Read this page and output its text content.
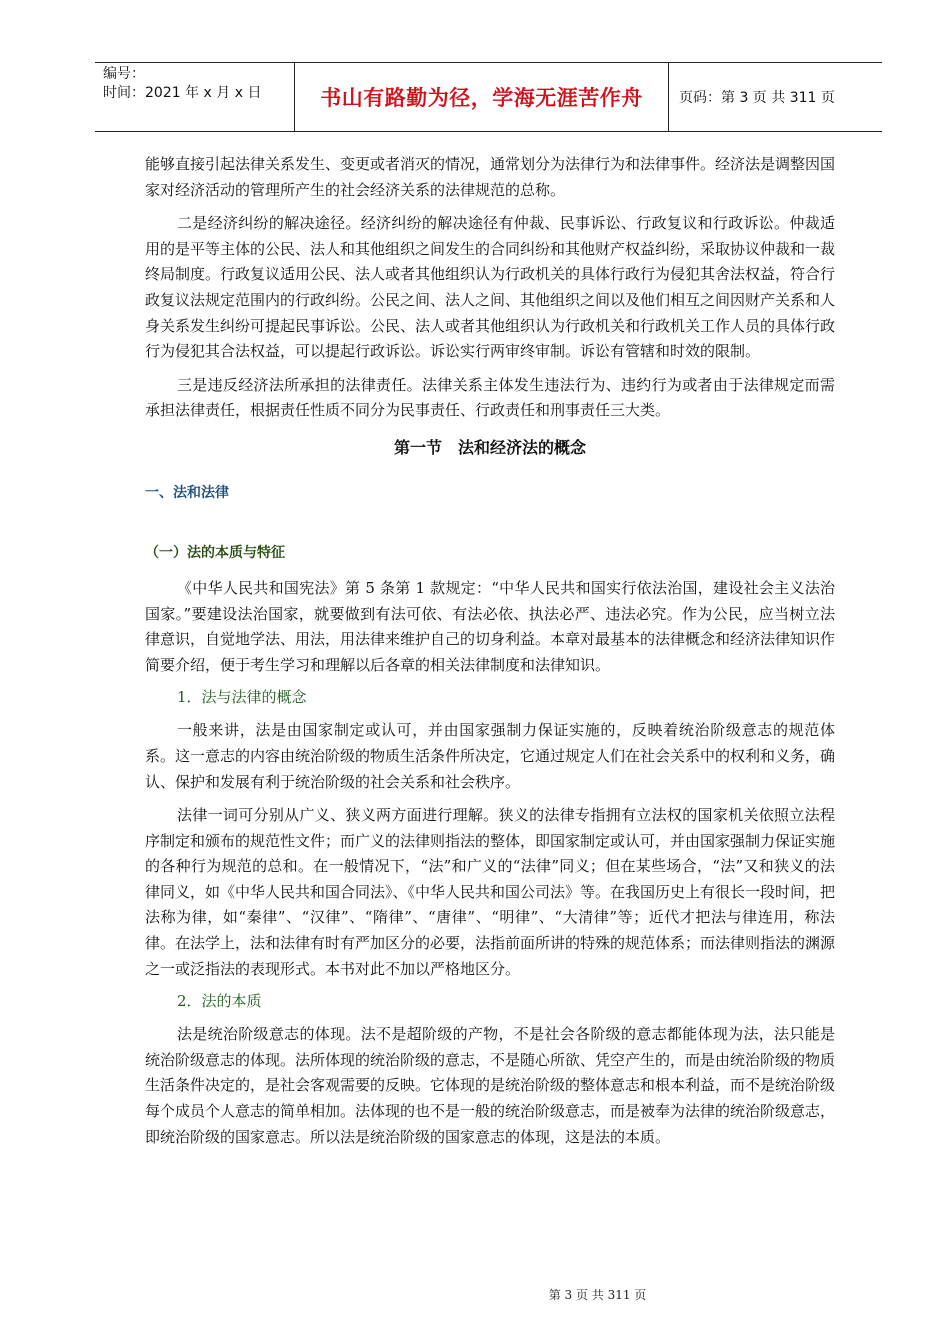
编号：
时间：2021 年 x 月 x 日	书山有路勤为径，学海无涯苦作舟	页码：第 3 页 共 311 页

能够直接引起法律关系发生、变更或者消灭的情况，通常划分为法律行为和法律事件。经济法是调整因国家对经济活动的管理所产生的社会经济关系的法律规范的总称。

二是经济纠纷的解决途径。经济纠纷的解决途径有仲裁、民事诉讼、行政复议和行政诉讼。仲裁适用的是平等主体的公民、法人和其他组织之间发生的合同纠纷和其他财产权益纠纷，采取协议仲裁和一裁终局制度。行政复议适用公民、法人或者其他组织认为行政机关的具体行政行为侵犯其舍法权益，符合行政复议法规定范围内的行政纠纷。公民之间、法人之间、其他组织之间以及他们相互之间因财产关系和人身关系发生纠纷可提起民事诉讼。公民、法人或者其他组织认为行政机关和行政机关工作人员的具体行政行为侵犯其合法权益，可以提起行政诉讼。诉讼实行两审终审制。诉讼有管辖和时效的限制。

三是违反经济法所承担的法律责任。法律关系主体发生违法行为、违约行为或者由于法律规定而需承担法律责任，根据责任性质不同分为民事责任、行政责任和刑事责任三大类。

第一节　法和经济法的概念
一、法和法律
（一）法的本质与特征

《中华人民共和国宪法》第 5 条第 1 款规定：“中华人民共和国实行依法治国，建设社会主义法治国家。”要建设法治国家，就要做到有法可依、有法必依、执法必严、违法必究。作为公民，应当树立法律意识，自觉地学法、用法，用法律来维护自己的切身利益。本章对最基本的法律概念和经济法律知识作简要介绍，便于考生学习和理解以后各章的相关法律制度和法律知识。

1．法与法律的概念

一般来讲，法是由国家制定或认可，并由国家强制力保证实施的，反映着统治阶级意志的规范体系。这一意志的内容由统治阶级的物质生活条件所决定，它通过规定人们在社会关系中的权利和义务，确认、保护和发展有利于统治阶级的社会关系和社会秩序。

法律一词可分别从广义、狭义两方面进行理解。狭义的法律专指拥有立法权的国家机关依照立法程序制定和颁布的规范性文件；而广义的法律则指法的整体，即国家制定或认可，并由国家强制力保证实施的各种行为规范的总和。在一般情况下，“法”和广义的“法律”同义；但在某些场合，“法”又和狭义的法律同义，如《中华人民共和国合同法》、《中华人民共和国公司法》等。在我国历史上有很长一段时间，把法称为律，如“秦律”、“汉律”、“隋律”、“唐律”、“明律”、“大清律”等；近代才把法与律连用，称法律。在法学上，法和法律有时有严加区分的必要，法指前面所讲的特殊的规范体系；而法律则指法的渊源之一或泛指法的表现形式。本书对此不加以严格地区分。

2．法的本质

法是统治阶级意志的体现。法不是超阶级的产物，不是社会各阶级的意志都能体现为法，法只能是统治阶级意志的体现。法所体现的统治阶级的意志，不是随心所欲、凭空产生的，而是由统治阶级的物质生活条件决定的，是社会客观需要的反映。它体现的是统治阶级的整体意志和根本利益，而不是统治阶级每个成员个人意志的简单相加。法体现的也不是一般的统治阶级意志，而是被奉为法律的统治阶级意志，即统治阶级的国家意志。所以法是统治阶级的国家意志的体现，这是法的本质。

第 3 页 共 311 页
